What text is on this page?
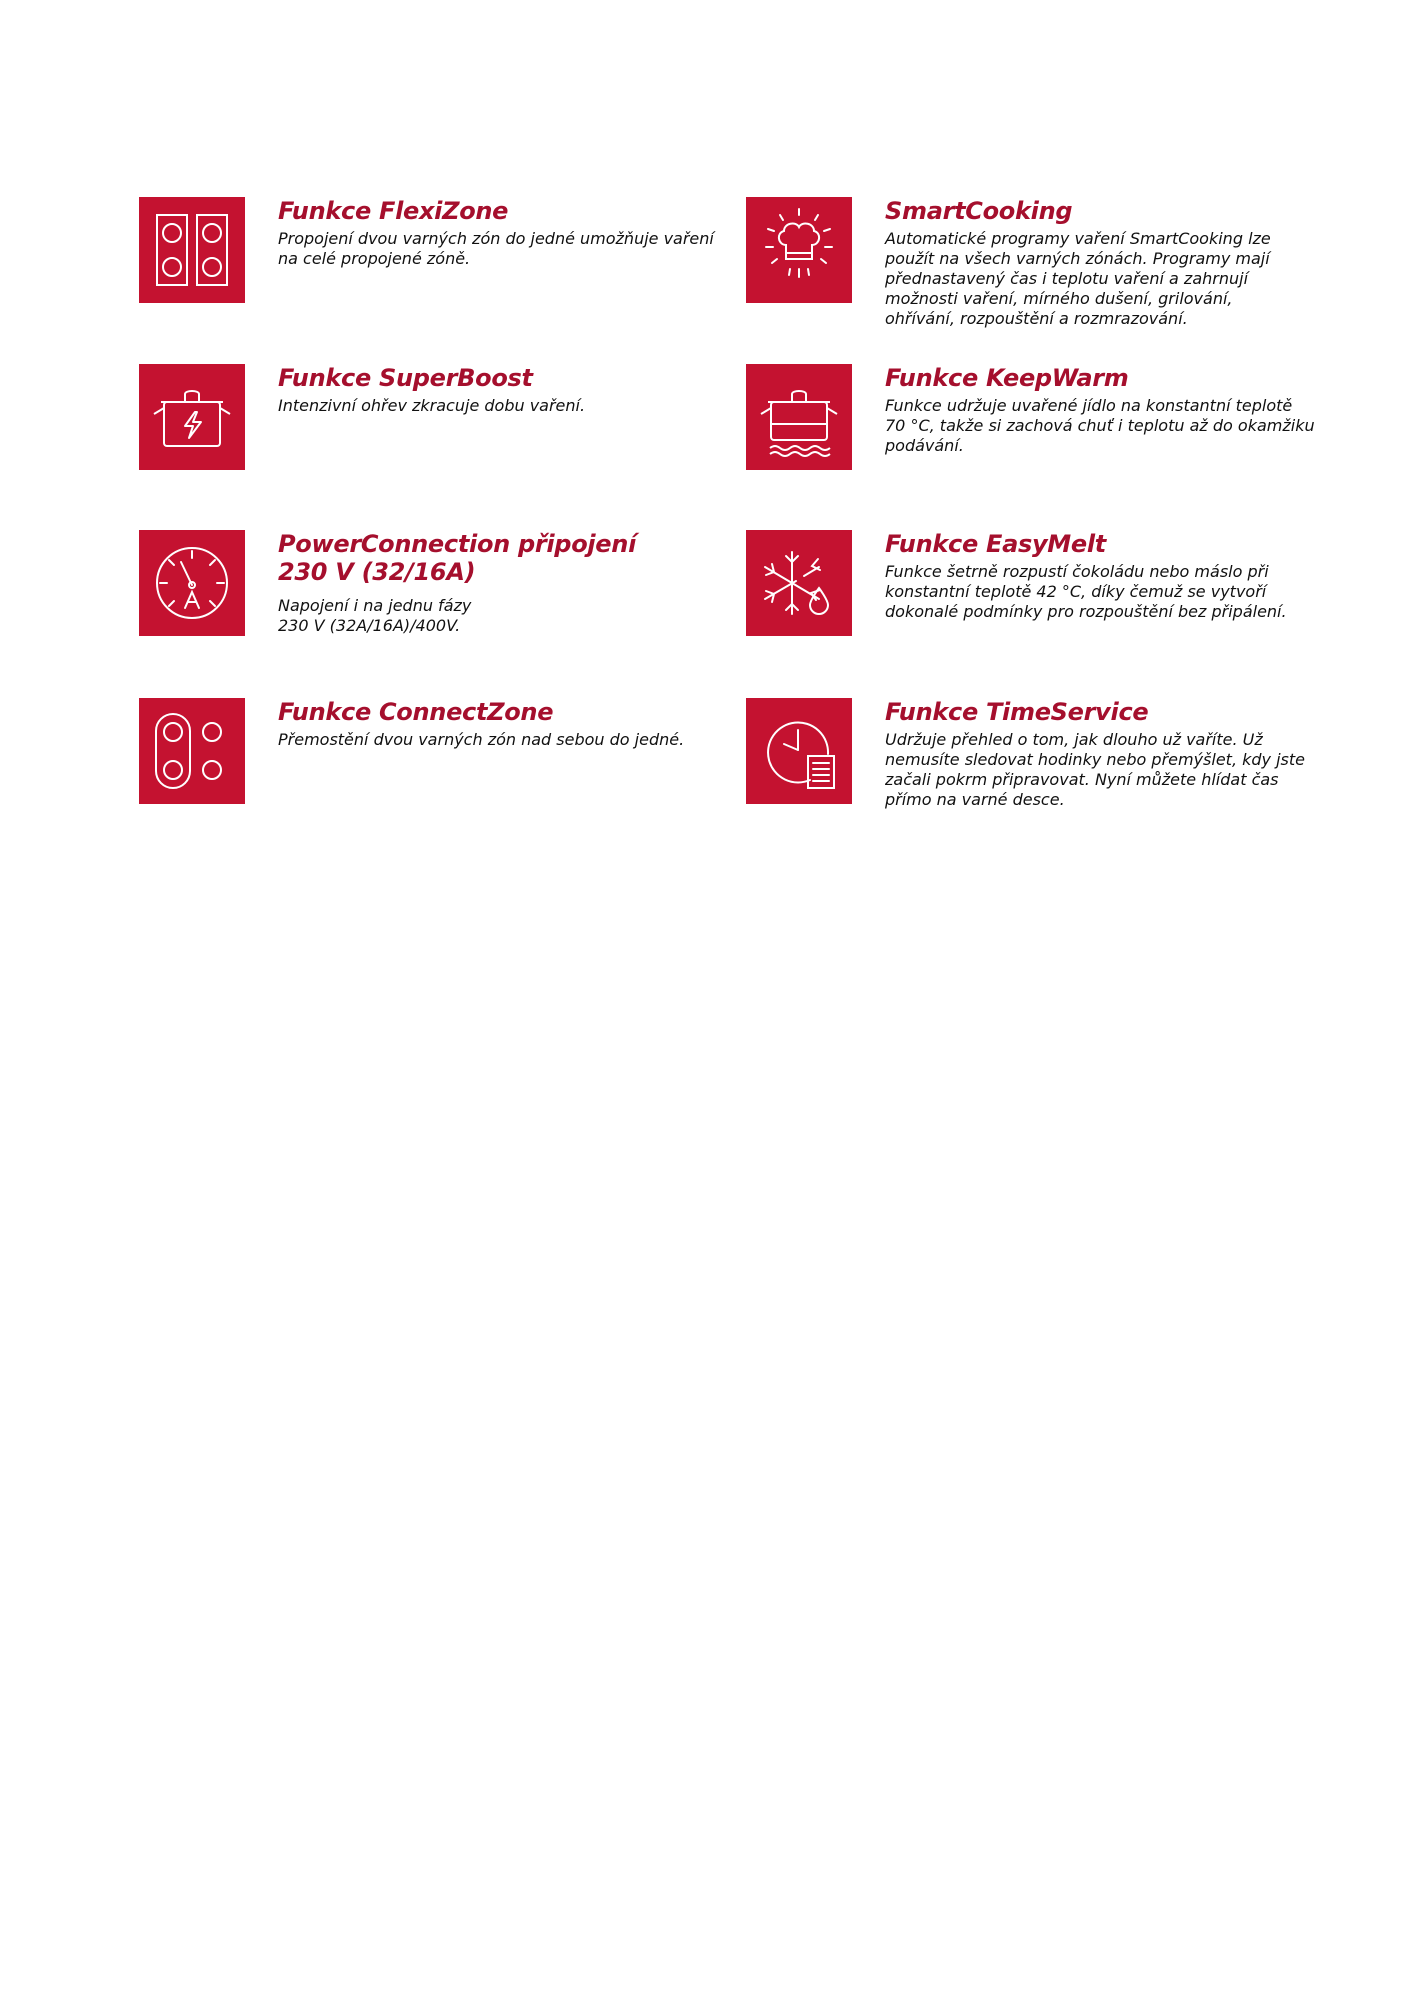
Funkce FlexiZone

Propojení dvou varných zón do jedné umožňuje vaření
na celé propojené zóně.

SmartCooking

Automatické programy vaření SmartCooking lze
použít na všech varných zónách. Programy mají
přednastavený čas i teplotu vaření a zahrnují
možnosti vaření, mírného dušení, grilování,
ohřívání, rozpouštění a rozmrazování.

Funkce SuperBoost

Intenzivní ohřev zkracuje dobu vaření.

Funkce KeepWarm

Funkce udržuje uvařené jídlo na konstantní teplotě
70 °C, takže si zachová chuť i teplotu až do okamžiku
podávání.

PowerConnection připojení
230 V (32/16A)

Napojení i na jednu fázy
230 V (32A/16A)/400V.

Funkce EasyMelt

Funkce šetrně rozpustí čokoládu nebo máslo při
konstantní teplotě 42 °C, díky čemuž se vytvoří
dokonalé podmínky pro rozpouštění bez připálení.

Funkce ConnectZone

Přemostění dvou varných zón nad sebou do jedné.

Funkce TimeService

Udržuje přehled o tom, jak dlouho už vaříte. Už
nemusíte sledovat hodinky nebo přemýšlet, kdy jste
začali pokrm připravovat. Nyní můžete hlídat čas
přímo na varné desce.
